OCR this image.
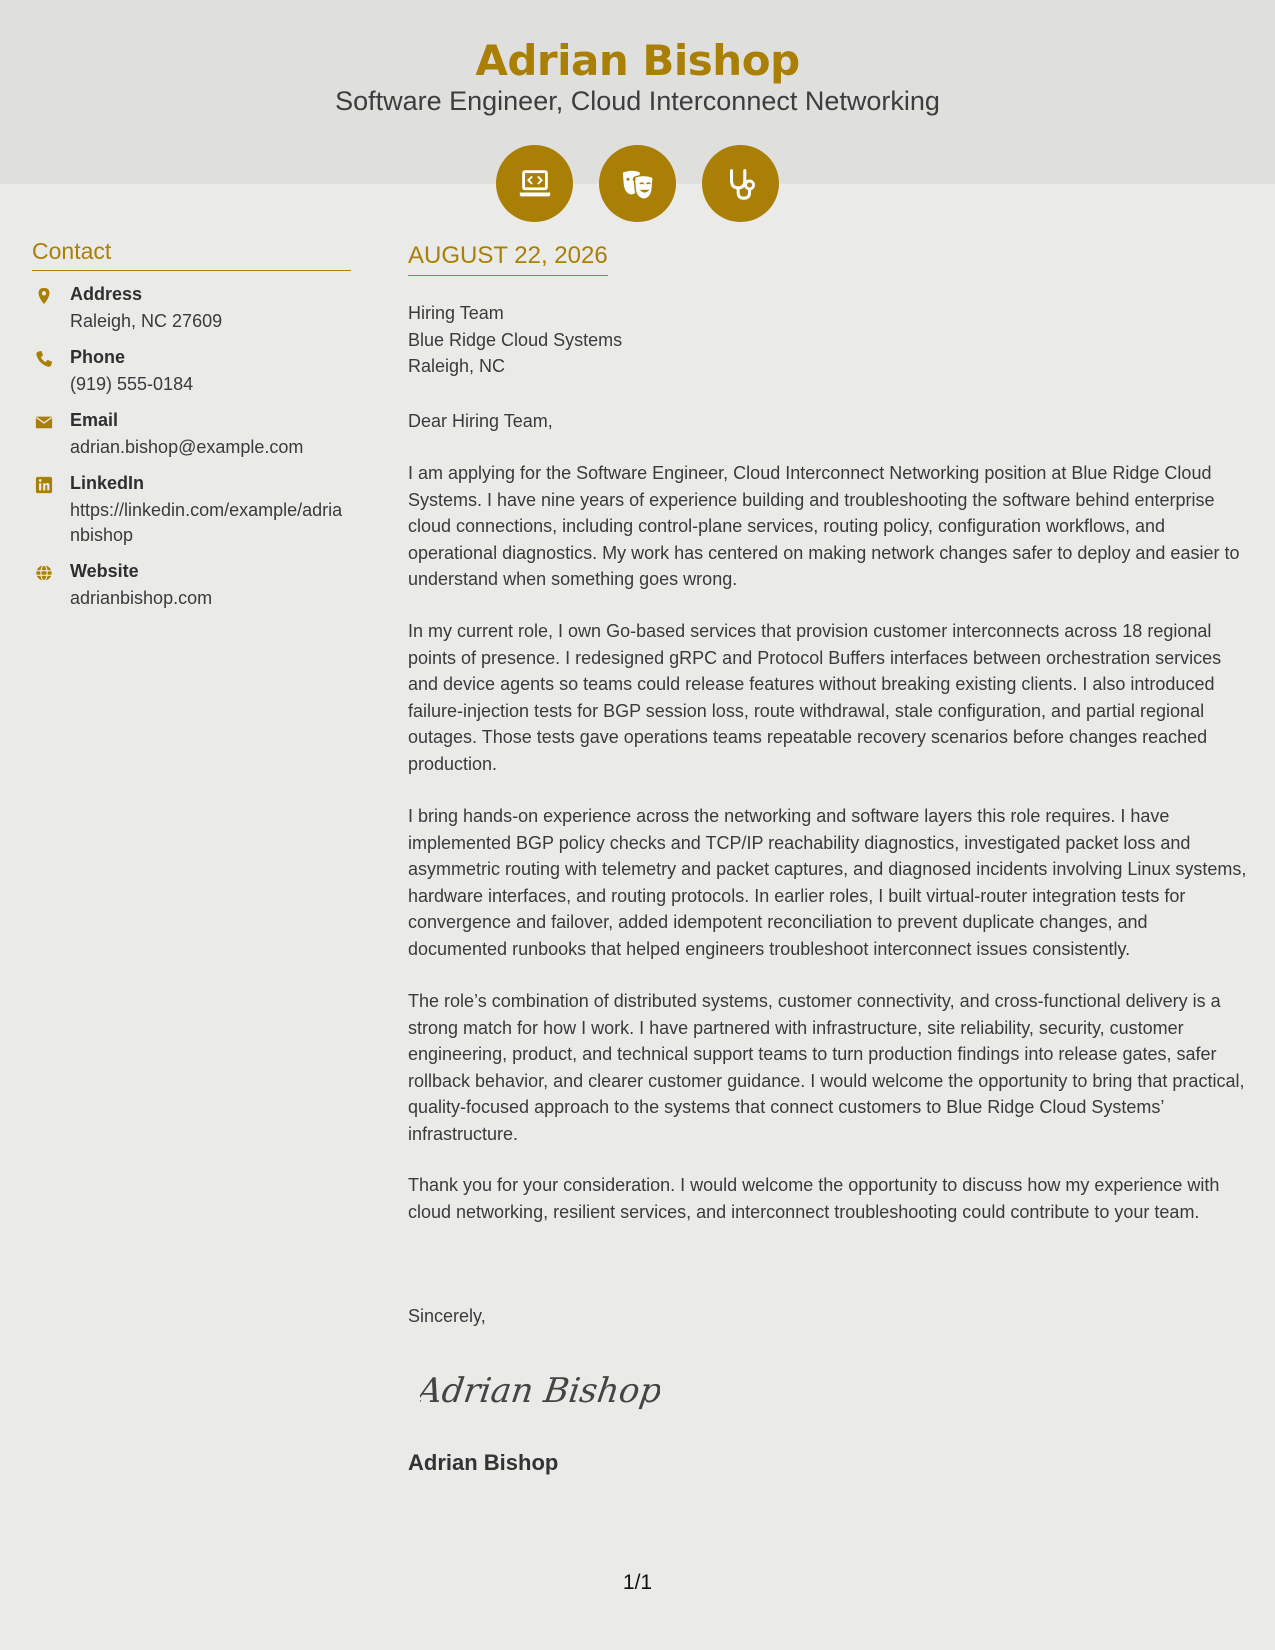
Adrian Bishop
Software Engineer, Cloud Interconnect Networking
Contact
Address
Raleigh, NC 27609
Phone
(919) 555-0184
Email
adrian.bishop@example.com
LinkedIn
https://linkedin.com/example/adrianbishop
Website
adrianbishop.com
AUGUST 22, 2026
Hiring Team
Blue Ridge Cloud Systems
Raleigh, NC
Dear Hiring Team,
I am applying for the Software Engineer, Cloud Interconnect Networking position at Blue Ridge Cloud Systems. I have nine years of experience building and troubleshooting the software behind enterprise cloud connections, including control-plane services, routing policy, configuration workflows, and operational diagnostics. My work has centered on making network changes safer to deploy and easier to understand when something goes wrong.
In my current role, I own Go-based services that provision customer interconnects across 18 regional points of presence. I redesigned gRPC and Protocol Buffers interfaces between orchestration services and device agents so teams could release features without breaking existing clients. I also introduced failure-injection tests for BGP session loss, route withdrawal, stale configuration, and partial regional outages. Those tests gave operations teams repeatable recovery scenarios before changes reached production.
I bring hands-on experience across the networking and software layers this role requires. I have implemented BGP policy checks and TCP/IP reachability diagnostics, investigated packet loss and asymmetric routing with telemetry and packet captures, and diagnosed incidents involving Linux systems, hardware interfaces, and routing protocols. In earlier roles, I built virtual-router integration tests for convergence and failover, added idempotent reconciliation to prevent duplicate changes, and documented runbooks that helped engineers troubleshoot interconnect issues consistently.
The role’s combination of distributed systems, customer connectivity, and cross-functional delivery is a strong match for how I work. I have partnered with infrastructure, site reliability, security, customer engineering, product, and technical support teams to turn production findings into release gates, safer rollback behavior, and clearer customer guidance. I would welcome the opportunity to bring that practical, quality-focused approach to the systems that connect customers to Blue Ridge Cloud Systems’ infrastructure.
Thank you for your consideration. I would welcome the opportunity to discuss how my experience with cloud networking, resilient services, and interconnect troubleshooting could contribute to your team.
Sincerely,
Adrian Bishop
Adrian Bishop
1/1
